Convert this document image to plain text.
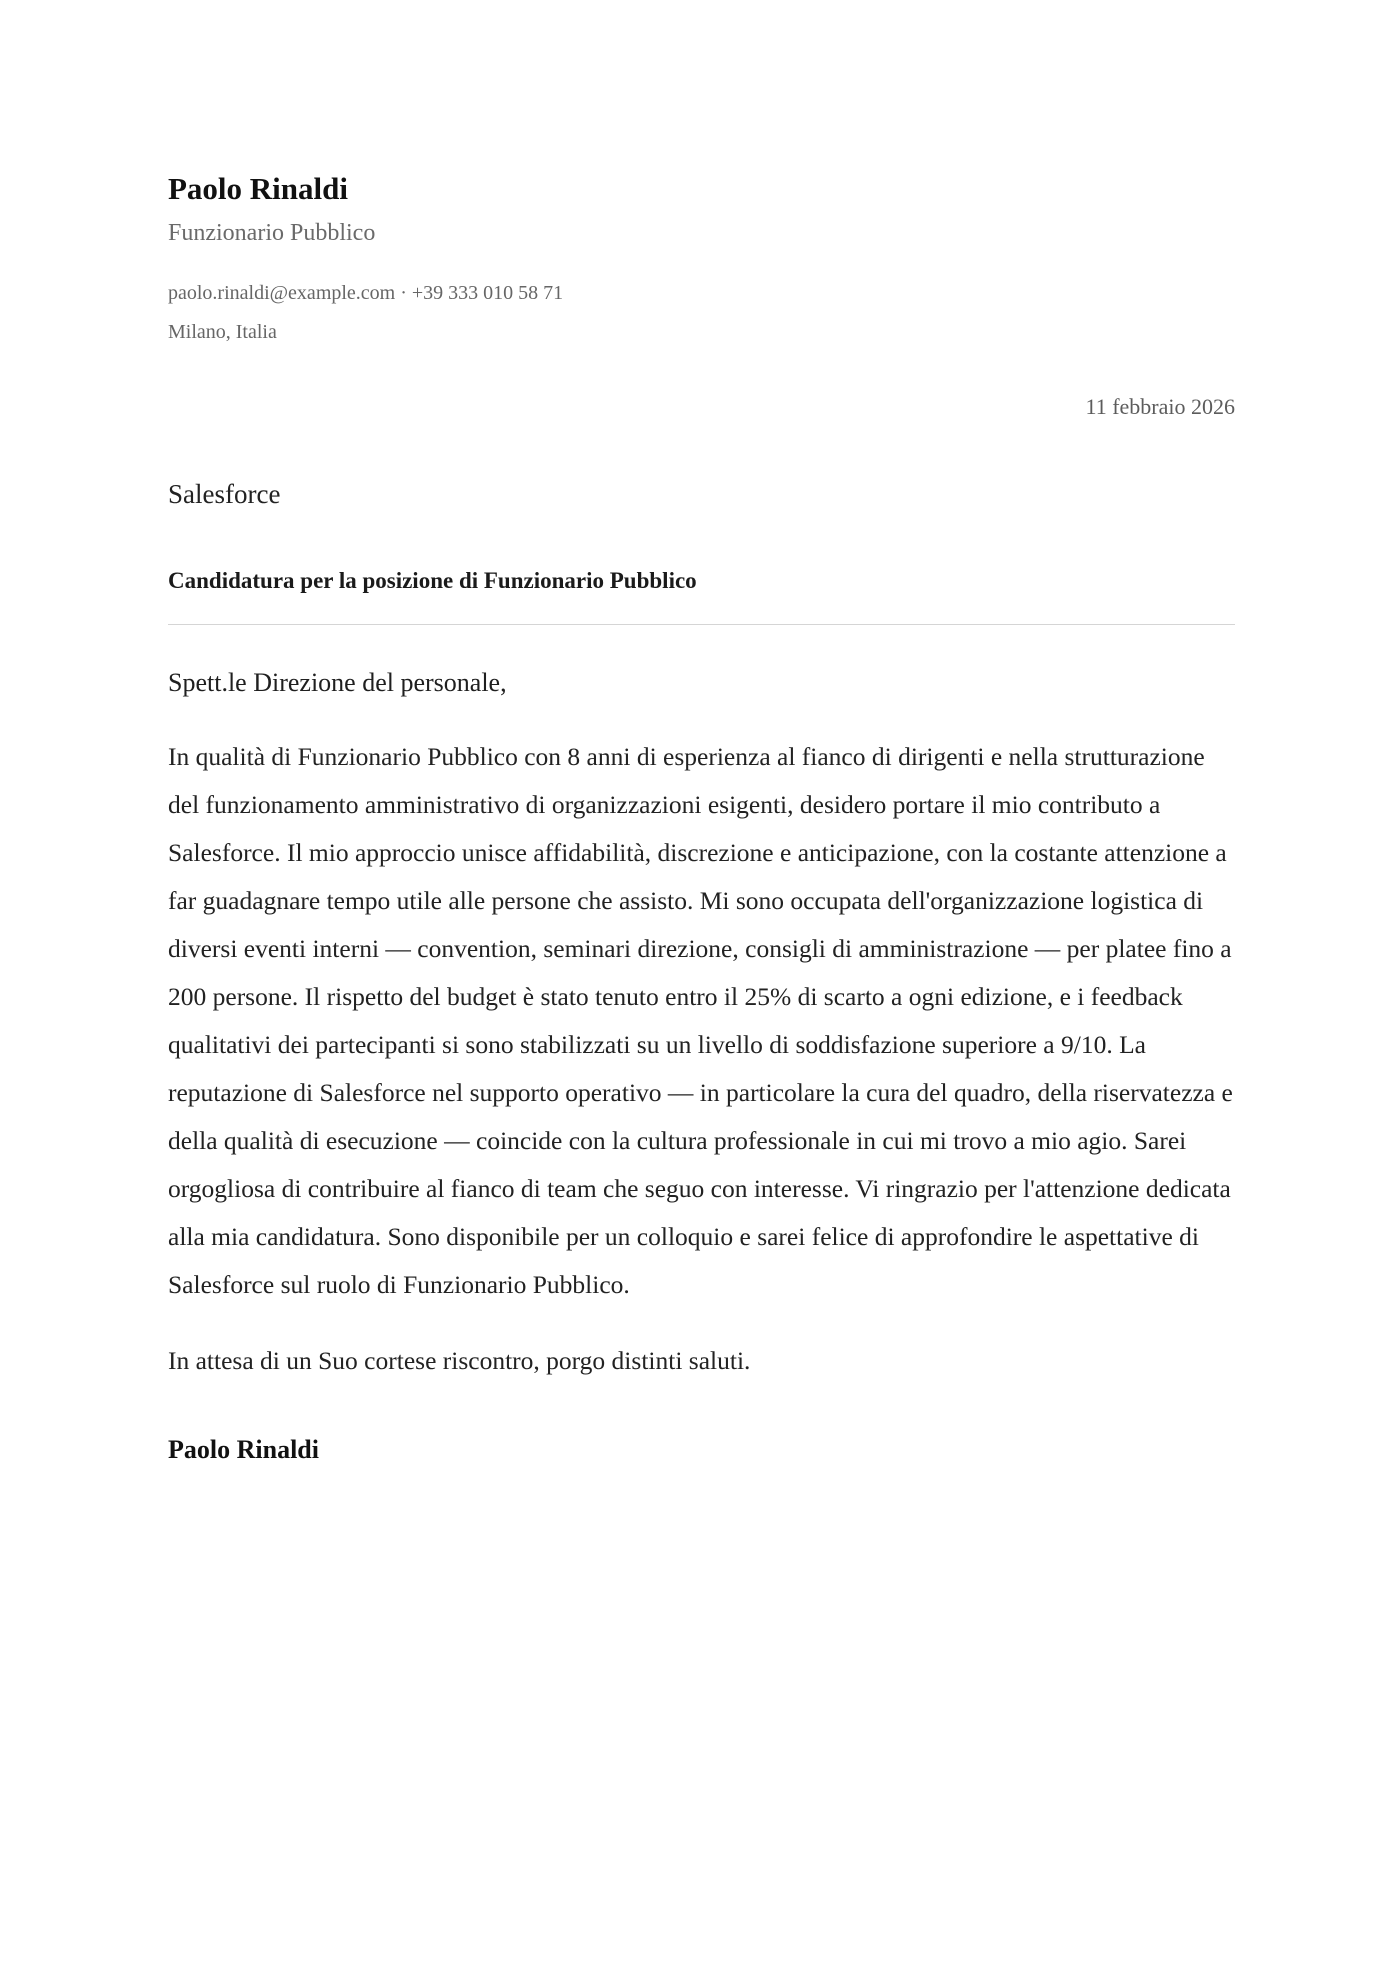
Paolo Rinaldi
Funzionario Pubblico
paolo.rinaldi@example.com · +39 333 010 58 71
Milano, Italia
11 febbraio 2026
Salesforce
Candidatura per la posizione di Funzionario Pubblico
Spett.le Direzione del personale,

In qualità di Funzionario Pubblico con 8 anni di esperienza al fianco di dirigenti e nella strutturazione del funzionamento amministrativo di organizzazioni esigenti, desidero portare il mio contributo a Salesforce. Il mio approccio unisce affidabilità, discrezione e anticipazione, con la costante attenzione a far guadagnare tempo utile alle persone che assisto. Mi sono occupata dell'organizzazione logistica di diversi eventi interni — convention, seminari direzione, consigli di amministrazione — per platee fino a 200 persone. Il rispetto del budget è stato tenuto entro il 25% di scarto a ogni edizione, e i feedback qualitativi dei partecipanti si sono stabilizzati su un livello di soddisfazione superiore a 9/10. La reputazione di Salesforce nel supporto operativo — in particolare la cura del quadro, della riservatezza e della qualità di esecuzione — coincide con la cultura professionale in cui mi trovo a mio agio. Sarei orgogliosa di contribuire al fianco di team che seguo con interesse. Vi ringrazio per l'attenzione dedicata alla mia candidatura. Sono disponibile per un colloquio e sarei felice di approfondire le aspettative di Salesforce sul ruolo di Funzionario Pubblico.

In attesa di un Suo cortese riscontro, porgo distinti saluti.
Paolo Rinaldi
